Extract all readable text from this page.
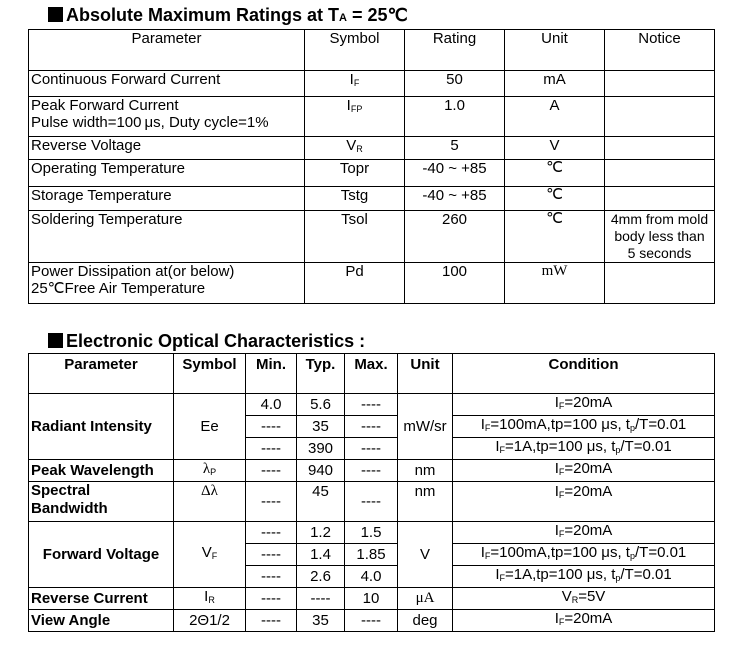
Absolute Maximum Ratings at TA = 25℃
Parameter	Symbol	Rating	Unit	Notice
Continuous Forward Current	$I_F$	50	mA	
Peak Forward Current
Pulse width=100 μs, Duty cycle=1%	$I_{FP}$	1.0	A	
Reverse Voltage	$V_R$	5	V	
Operating Temperature	Topr	-40 ~ +85	℃	
Storage Temperature	Tstg	-40 ~ +85	℃	
Soldering Temperature	Tsol	260	℃	4mm from mold
body less than
5 seconds
Power Dissipation at(or below)
25℃Free Air Temperature	Pd	100	mW	
Electronic Optical Characteristics :
Parameter	Symbol	Min.	Typ.	Max.	Unit	Condition
Radiant Intensity	Ee	4.0	5.6	----	mW/sr	$I_F=20mA$
		----	35	----		$I_F=100mA,tp=100$ μs, $t_p/T=0.01$
		----	390	----		$I_F=1A,tp=100$ μs, $t_p/T=0.01$
Peak Wavelength	$\lambda_P$	----	940	----	nm	$I_F=20mA$
Spectral
Bandwidth	Δλ	----	45	----	nm	$I_F=20mA$
Forward Voltage	$V_F$	----	1.2	1.5	V	$I_F=20mA$
		----	1.4	1.85		$I_F=100mA,tp=100$ μs, $t_p/T=0.01$
		----	2.6	4.0		$I_F=1A,tp=100$ μs, $t_p/T=0.01$
Reverse Current	$I_R$	----	----	10	μA	$V_R=5V$
View Angle	2Θ1/2	----	35	----	deg	$I_F=20mA$
